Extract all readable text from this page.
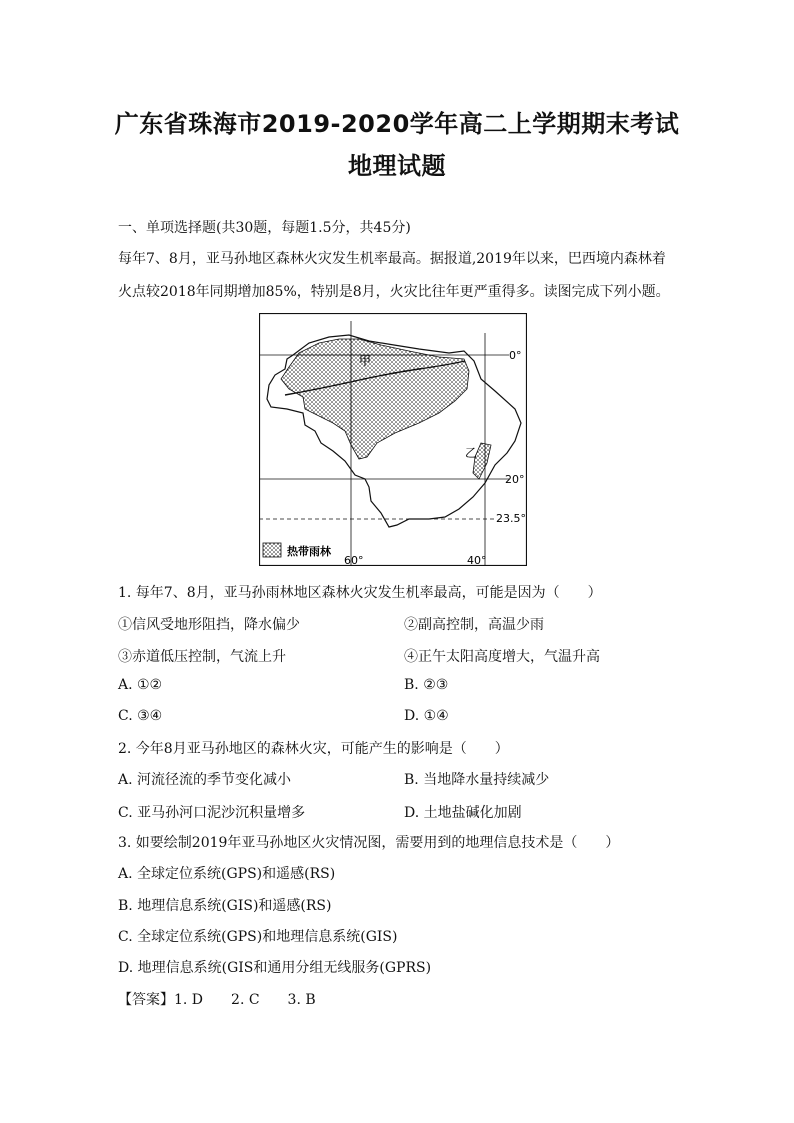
广东省珠海市2019-2020学年高二上学期期末考试
地理试题
一、单项选择题(共30题，每题1.5分，共45分)
每年7、8月，亚马孙地区森林火灾发生机率最高。据报道,2019年以来，巴西境内森林着
火点较2018年同期增加85%，特别是8月，火灾比往年更严重得多。读图完成下列小题。
热带雨林
甲
乙
0°
20°
23.5°
60°	40°
1. 每年7、8月，亚马孙雨林地区森林火灾发生机率最高，可能是因为（　　）
①信风受地形阻挡，降水偏少	②副高控制，高温少雨
③赤道低压控制，气流上升	④正午太阳高度增大，气温升高
A. ①②	B. ②③
C. ③④	D. ①④
2. 今年8月亚马孙地区的森林火灾，可能产生的影响是（　　）
A. 河流径流的季节变化减小	B. 当地降水量持续减少
C. 亚马孙河口泥沙沉积量增多	D. 土地盐碱化加剧
3. 如要绘制2019年亚马孙地区火灾情况图，需要用到的地理信息技术是（　　）
A. 全球定位系统(GPS)和遥感(RS)
B. 地理信息系统(GIS)和遥感(RS)
C. 全球定位系统(GPS)和地理信息系统(GIS)
D. 地理信息系统(GIS和通用分组无线服务(GPRS)
【答案】1. D　　2. C　　3. B
